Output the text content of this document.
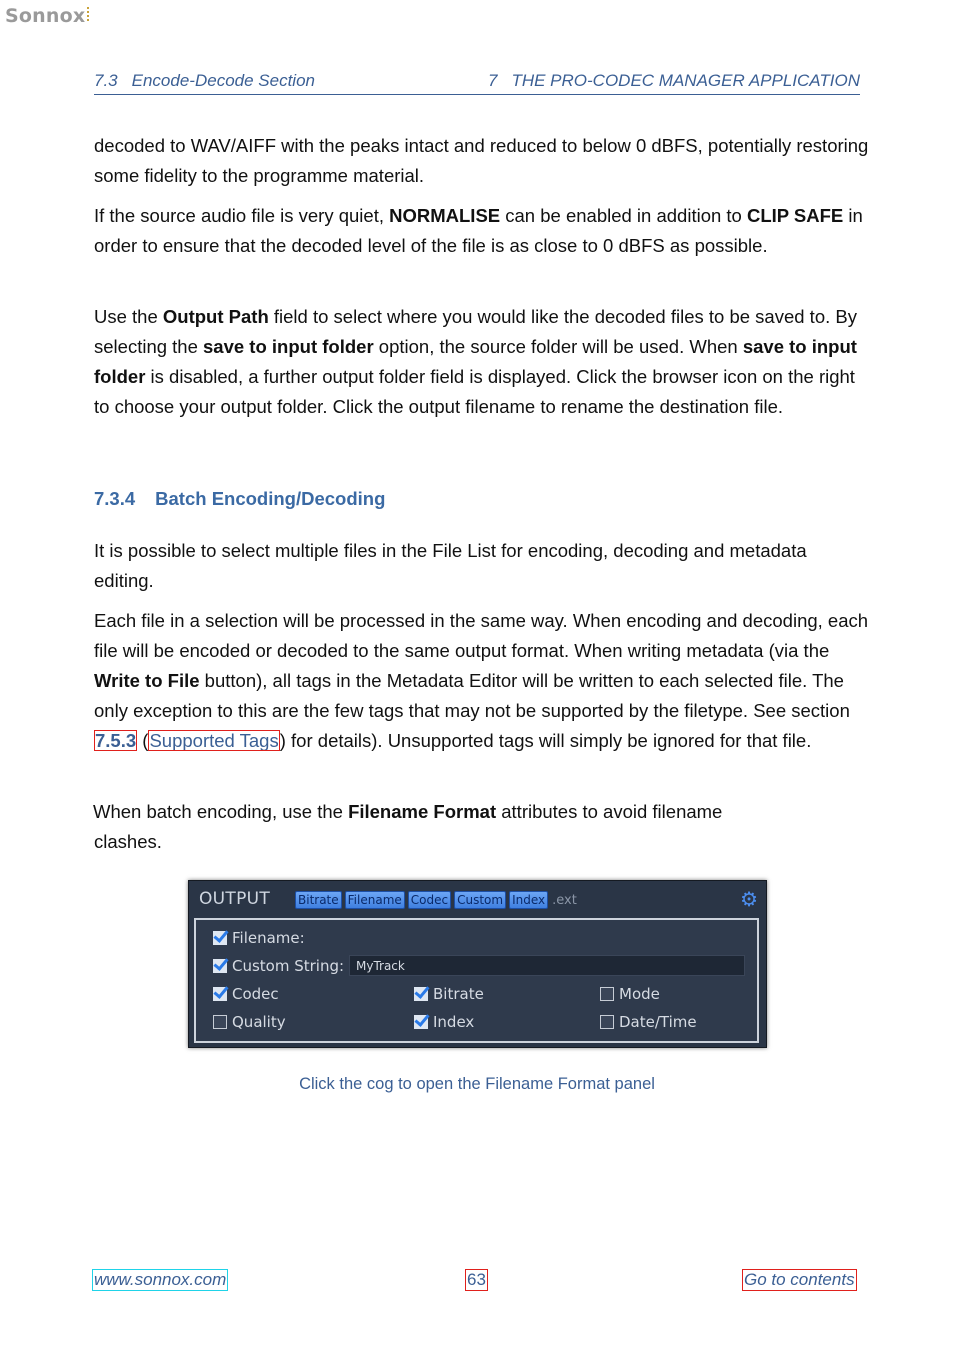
Sonnox
7.3 Encode-Decode Section	7 THE PRO-CODEC MANAGER APPLICATION

decoded to WAV/AIFF with the peaks intact and reduced to below 0 dBFS, potentially restoring some fidelity to the programme material.

If the source audio file is very quiet, NORMALISE can be enabled in addition to CLIP SAFE in order to ensure that the decoded level of the file is as close to 0 dBFS as possible.

Use the Output Path field to select where you would like the decoded files to be saved to. By selecting the save to input folder option, the source folder will be used. When save to input folder is disabled, a further output folder field is displayed. Click the browser icon on the right to choose your output folder. Click the output filename to rename the destination file.

7.3.4 Batch Encoding/Decoding

It is possible to select multiple files in the File List for encoding, decoding and metadata editing.

Each file in a selection will be processed in the same way. When encoding and decoding, each file will be encoded or decoded to the same output format. When writing metadata (via the Write to File button), all tags in the Metadata Editor will be written to each selected file. The only exception to this are the few tags that may not be supported by the filetype. See section 7.5.3 (Supported Tags) for details). Unsupported tags will simply be ignored for that file.

When batch encoding, use the Filename Format attributes to avoid filename

clashes.

OUTPUT Bitrate Filename Codec Custom Index .ext	⚙
Filename:
Custom String: MyTrack
Codec	Bitrate	Mode
Quality	Index	Date/Time
Click the cog to open the Filename Format panel
www.sonnox.com	63	Go to contents
